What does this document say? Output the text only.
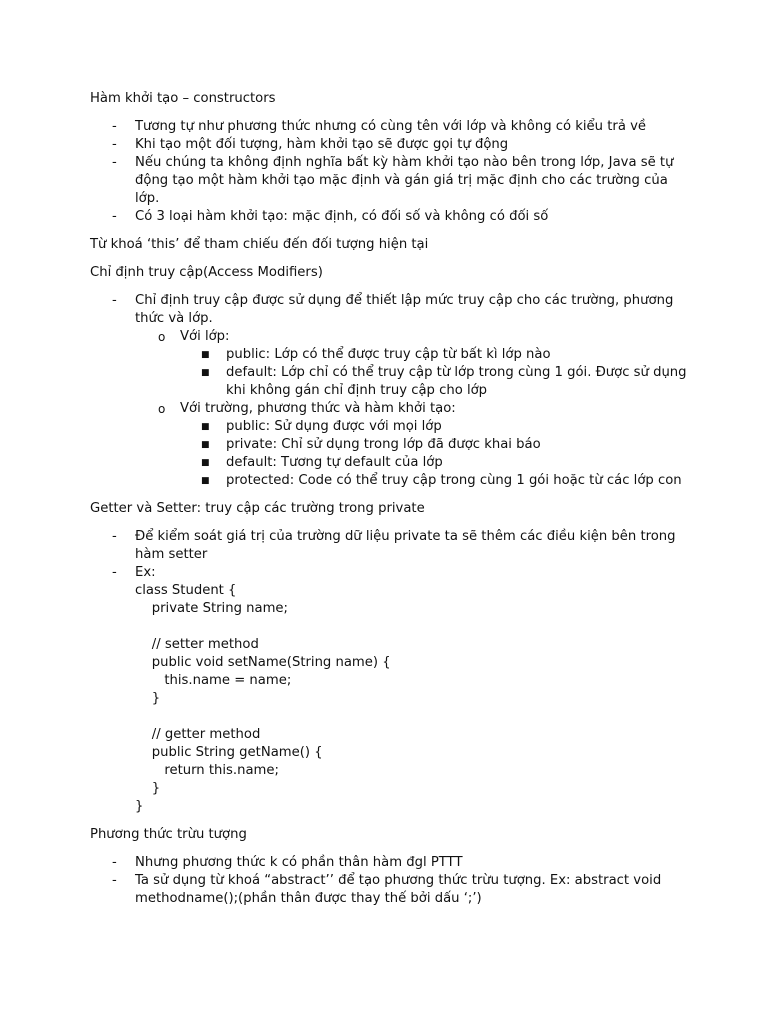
Hàm khởi tạo – constructors

- Tương tự như phương thức nhưng có cùng tên với lớp và không có kiểu trả về
- Khi tạo một đối tượng, hàm khởi tạo sẽ được gọi tự động
- Nếu chúng ta không định nghĩa bất kỳ hàm khởi tạo nào bên trong lớp, Java sẽ tự động tạo một hàm khởi tạo mặc định và gán giá trị mặc định cho các trường của lớp.
- Có 3 loại hàm khởi tạo: mặc định, có đối số và không có đối số

Từ khoá ‘this’ để tham chiếu đến đối tượng hiện tại

Chỉ định truy cập(Access Modifiers)

- Chỉ định truy cập được sử dụng để thiết lập mức truy cập cho các trường, phương thức và lớp.
o Với lớp:
■ public: Lớp có thể được truy cập từ bất kì lớp nào
■ default: Lớp chỉ có thể truy cập từ lớp trong cùng 1 gói. Được sử dụng khi không gán chỉ định truy cập cho lớp
o Với trường, phương thức và hàm khởi tạo:
■ public: Sử dụng được với mọi lớp
■ private: Chỉ sử dụng trong lớp đã được khai báo
■ default: Tương tự default của lớp
■ protected: Code có thể truy cập trong cùng 1 gói hoặc từ các lớp con

Getter và Setter: truy cập các trường trong private

- Để kiểm soát giá trị của trường dữ liệu private ta sẽ thêm các điều kiện bên trong hàm setter
- Ex:
class Student {
private String name;
// setter method
public void setName(String name) {
this.name = name;
}
// getter method
public String getName() {
return this.name;
}
}

Phương thức trừu tượng

- Nhưng phương thức k có phần thân hàm đgl PTTT
- Ta sử dụng từ khoá “abstract’’ để tạo phương thức trừu tượng. Ex: abstract void methodname();(phần thân được thay thế bởi dấu ‘;’)
